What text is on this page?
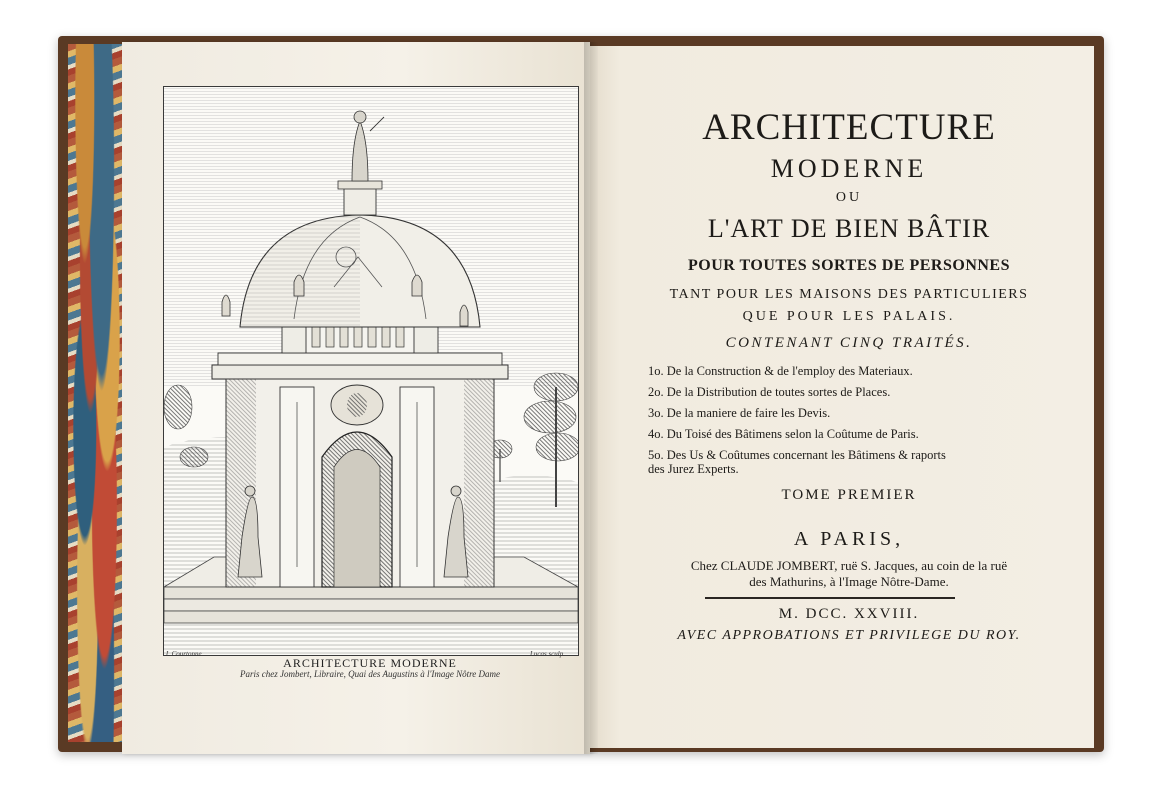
J. Courtonne	Lucas sculp.
ARCHITECTURE MODERNE
Paris chez Jombert, Libraire, Quai des Augustins à l'Image Nôtre Dame
ARCHITECTURE
MODERNE
OU
L'ART DE BIEN BÂTIR
POUR TOUTES SORTES DE PERSONNES
TANT POUR LES MAISONS DES PARTICULIERS
QUE POUR LES PALAIS.
CONTENANT CINQ TRAITÉS.
1o. De la Construction & de l'employ des Materiaux.
2o. De la Distribution de toutes sortes de Places.
3o. De la maniere de faire les Devis.
4o. Du Toisé des Bâtimens selon la Coûtume de Paris.
5o. Des Us & Coûtumes concernant les Bâtimens & raports
des Jurez Experts.
TOME PREMIER
A PARIS,
Chez CLAUDE JOMBERT, ruë S. Jacques, au coin de la ruë
des Mathurins, à l'Image Nôtre-Dame.
M. DCC. XXVIII.
AVEC APPROBATIONS ET PRIVILEGE DU ROY.
